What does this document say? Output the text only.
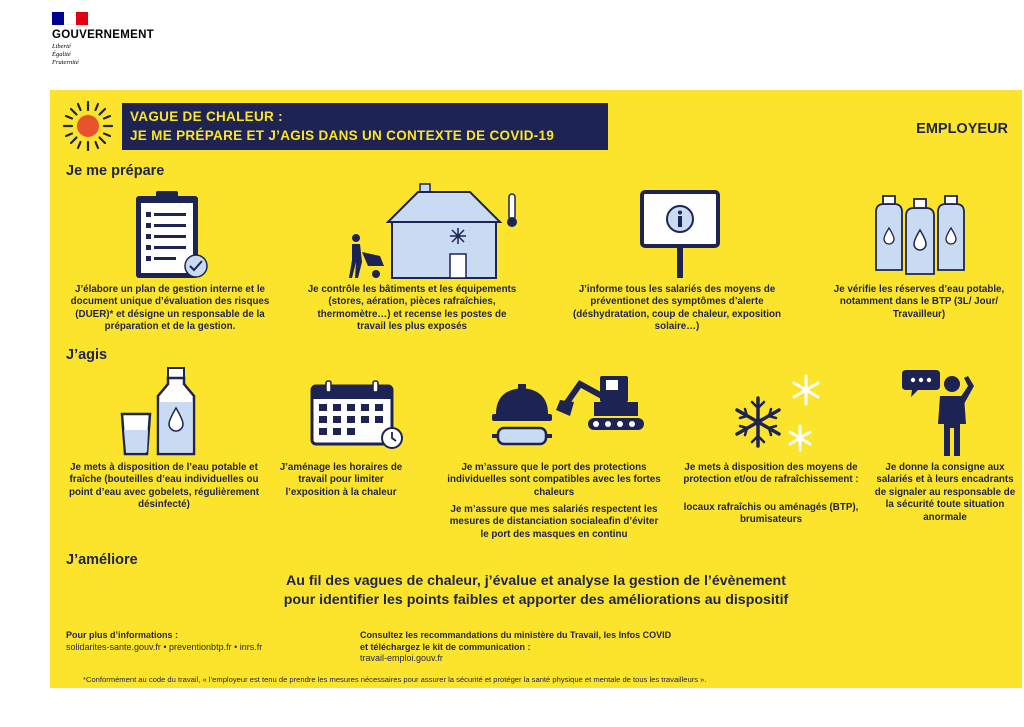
GOUVERNEMENT
Liberté
Égalité
Fraternité
VAGUE DE CHALEUR :
JE ME PRÉPARE ET J’AGIS DANS UN CONTEXTE DE COVID-19	EMPLOYEUR
Je me prépare
J’élabore un plan de gestion interne et le document unique d’évaluation des risques (DUER)* et désigne un responsable de la préparation et de la gestion.
Je contrôle les bâtiments et les équipements (stores, aération, pièces rafraîchies, thermomètre…) et recense les postes de travail les plus exposés
J’informe tous les salariés des moyens de préventionet des symptômes d’alerte (déshydratation, coup de chaleur, exposition solaire…)
Je vérifie les réserves d’eau potable, notamment dans le BTP (3L/ Jour/ Travailleur)
J’agis
Je mets à disposition de l’eau potable et fraîche (bouteilles d’eau individuelles ou point d’eau avec gobelets, régulièrement désinfecté)
J’aménage les horaires de travail pour limiter l’exposition à la chaleur
Je m’assure que le port des protections individuelles sont compatibles avec les fortes chaleurs
Je m’assure que mes salariés respectent les mesures de distanciation socialeafin d’éviter le port des masques en continu
Je mets à disposition des moyens de protection et/ou de rafraîchissement :
locaux rafraîchis ou aménagés (BTP), brumisateurs
Je donne la consigne aux salariés et à leurs encadrants de signaler au responsable de la sécurité toute situation anormale
J’améliore
Au fil des vagues de chaleur, j’évalue et analyse la gestion de l’évènement
pour identifier les points faibles et apporter des améliorations au dispositif
Pour plus d’informations :
solidarites-sante.gouv.fr • preventionbtp.fr • inrs.fr
Consultez les recommandations du ministère du Travail, les Infos COVID
et téléchargez le kit de communication :
travail-emploi.gouv.fr
*Conformément au code du travail, « l’employeur est tenu de prendre les mesures nécessaires pour assurer la sécurité et protéger la santé physique et mentale de tous les travailleurs ».
